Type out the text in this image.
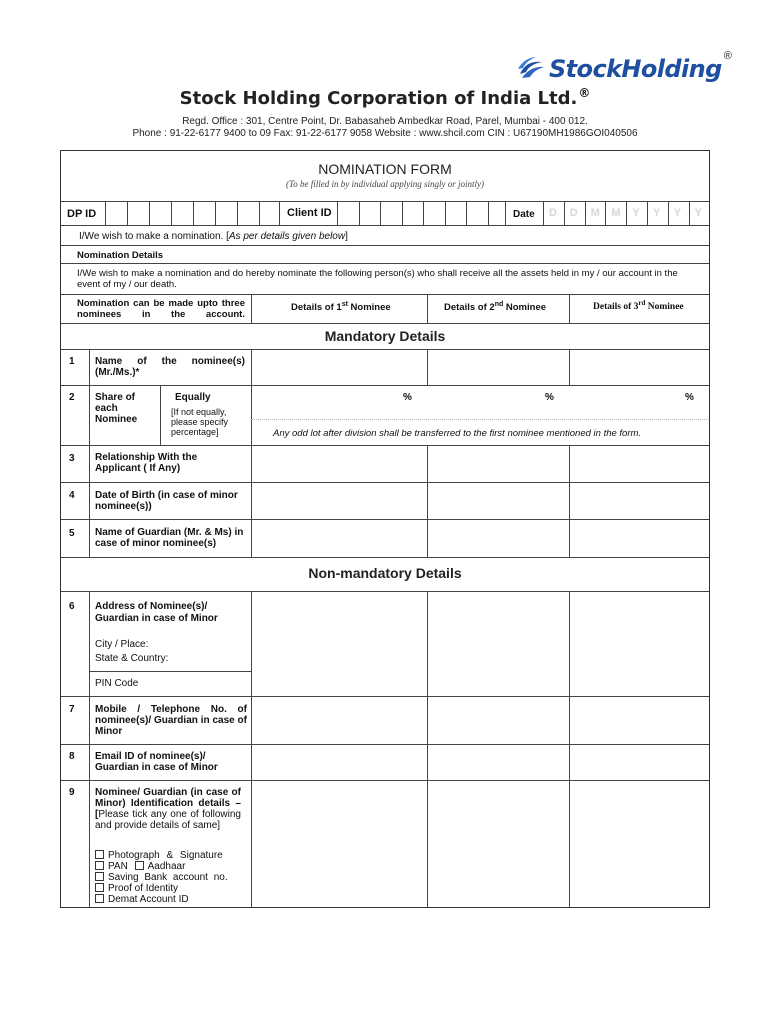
StockHolding ®
Stock Holding Corporation of India Ltd.®
Regd. Office : 301, Centre Point, Dr. Babasaheb Ambedkar Road, Parel, Mumbai - 400 012.
Phone : 91-22-6177 9400 to 09 Fax: 91-22-6177 9058 Website : www.shcil.com CIN : U67190MH1986GOI040506
NOMINATION FORM
(To be filled in by individual applying singly or jointly)
DP ID	Client ID	Date D D M M Y Y Y Y
I/We wish to make a nomination. [As per details given below]
Nomination Details
I/We wish to make a nomination and do hereby nominate the following person(s) who shall receive all the assets held in my / our account in the event of my / our death.
Nomination can be made upto three nominees in the account.
Details of 1st Nominee	Details of 2nd Nominee	Details of 3rd Nominee
Mandatory Details
1 Name of the nominee(s) (Mr./Ms.)*
2 Share of each Nominee
Equally
[If not equally, please specify percentage]
%	%	%
Any odd lot after division shall be transferred to the first nominee mentioned in the form.
3 Relationship With the Applicant ( If Any)
4 Date of Birth (in case of minor nominee(s))
5 Name of Guardian (Mr. & Ms) in case of minor nominee(s)
Non-mandatory Details
6 Address of Nominee(s)/ Guardian in case of Minor
City / Place:
State & Country:
PIN Code
7 Mobile / Telephone No. of nominee(s)/ Guardian in case of Minor
8 Email ID of nominee(s)/ Guardian in case of Minor
9 Nominee/ Guardian (in case of Minor) Identification details – [Please tick any one of following and provide details of same]
Photograph & Signature
PAN Aadhaar
Saving Bank account no.
Proof of Identity
Demat Account ID
